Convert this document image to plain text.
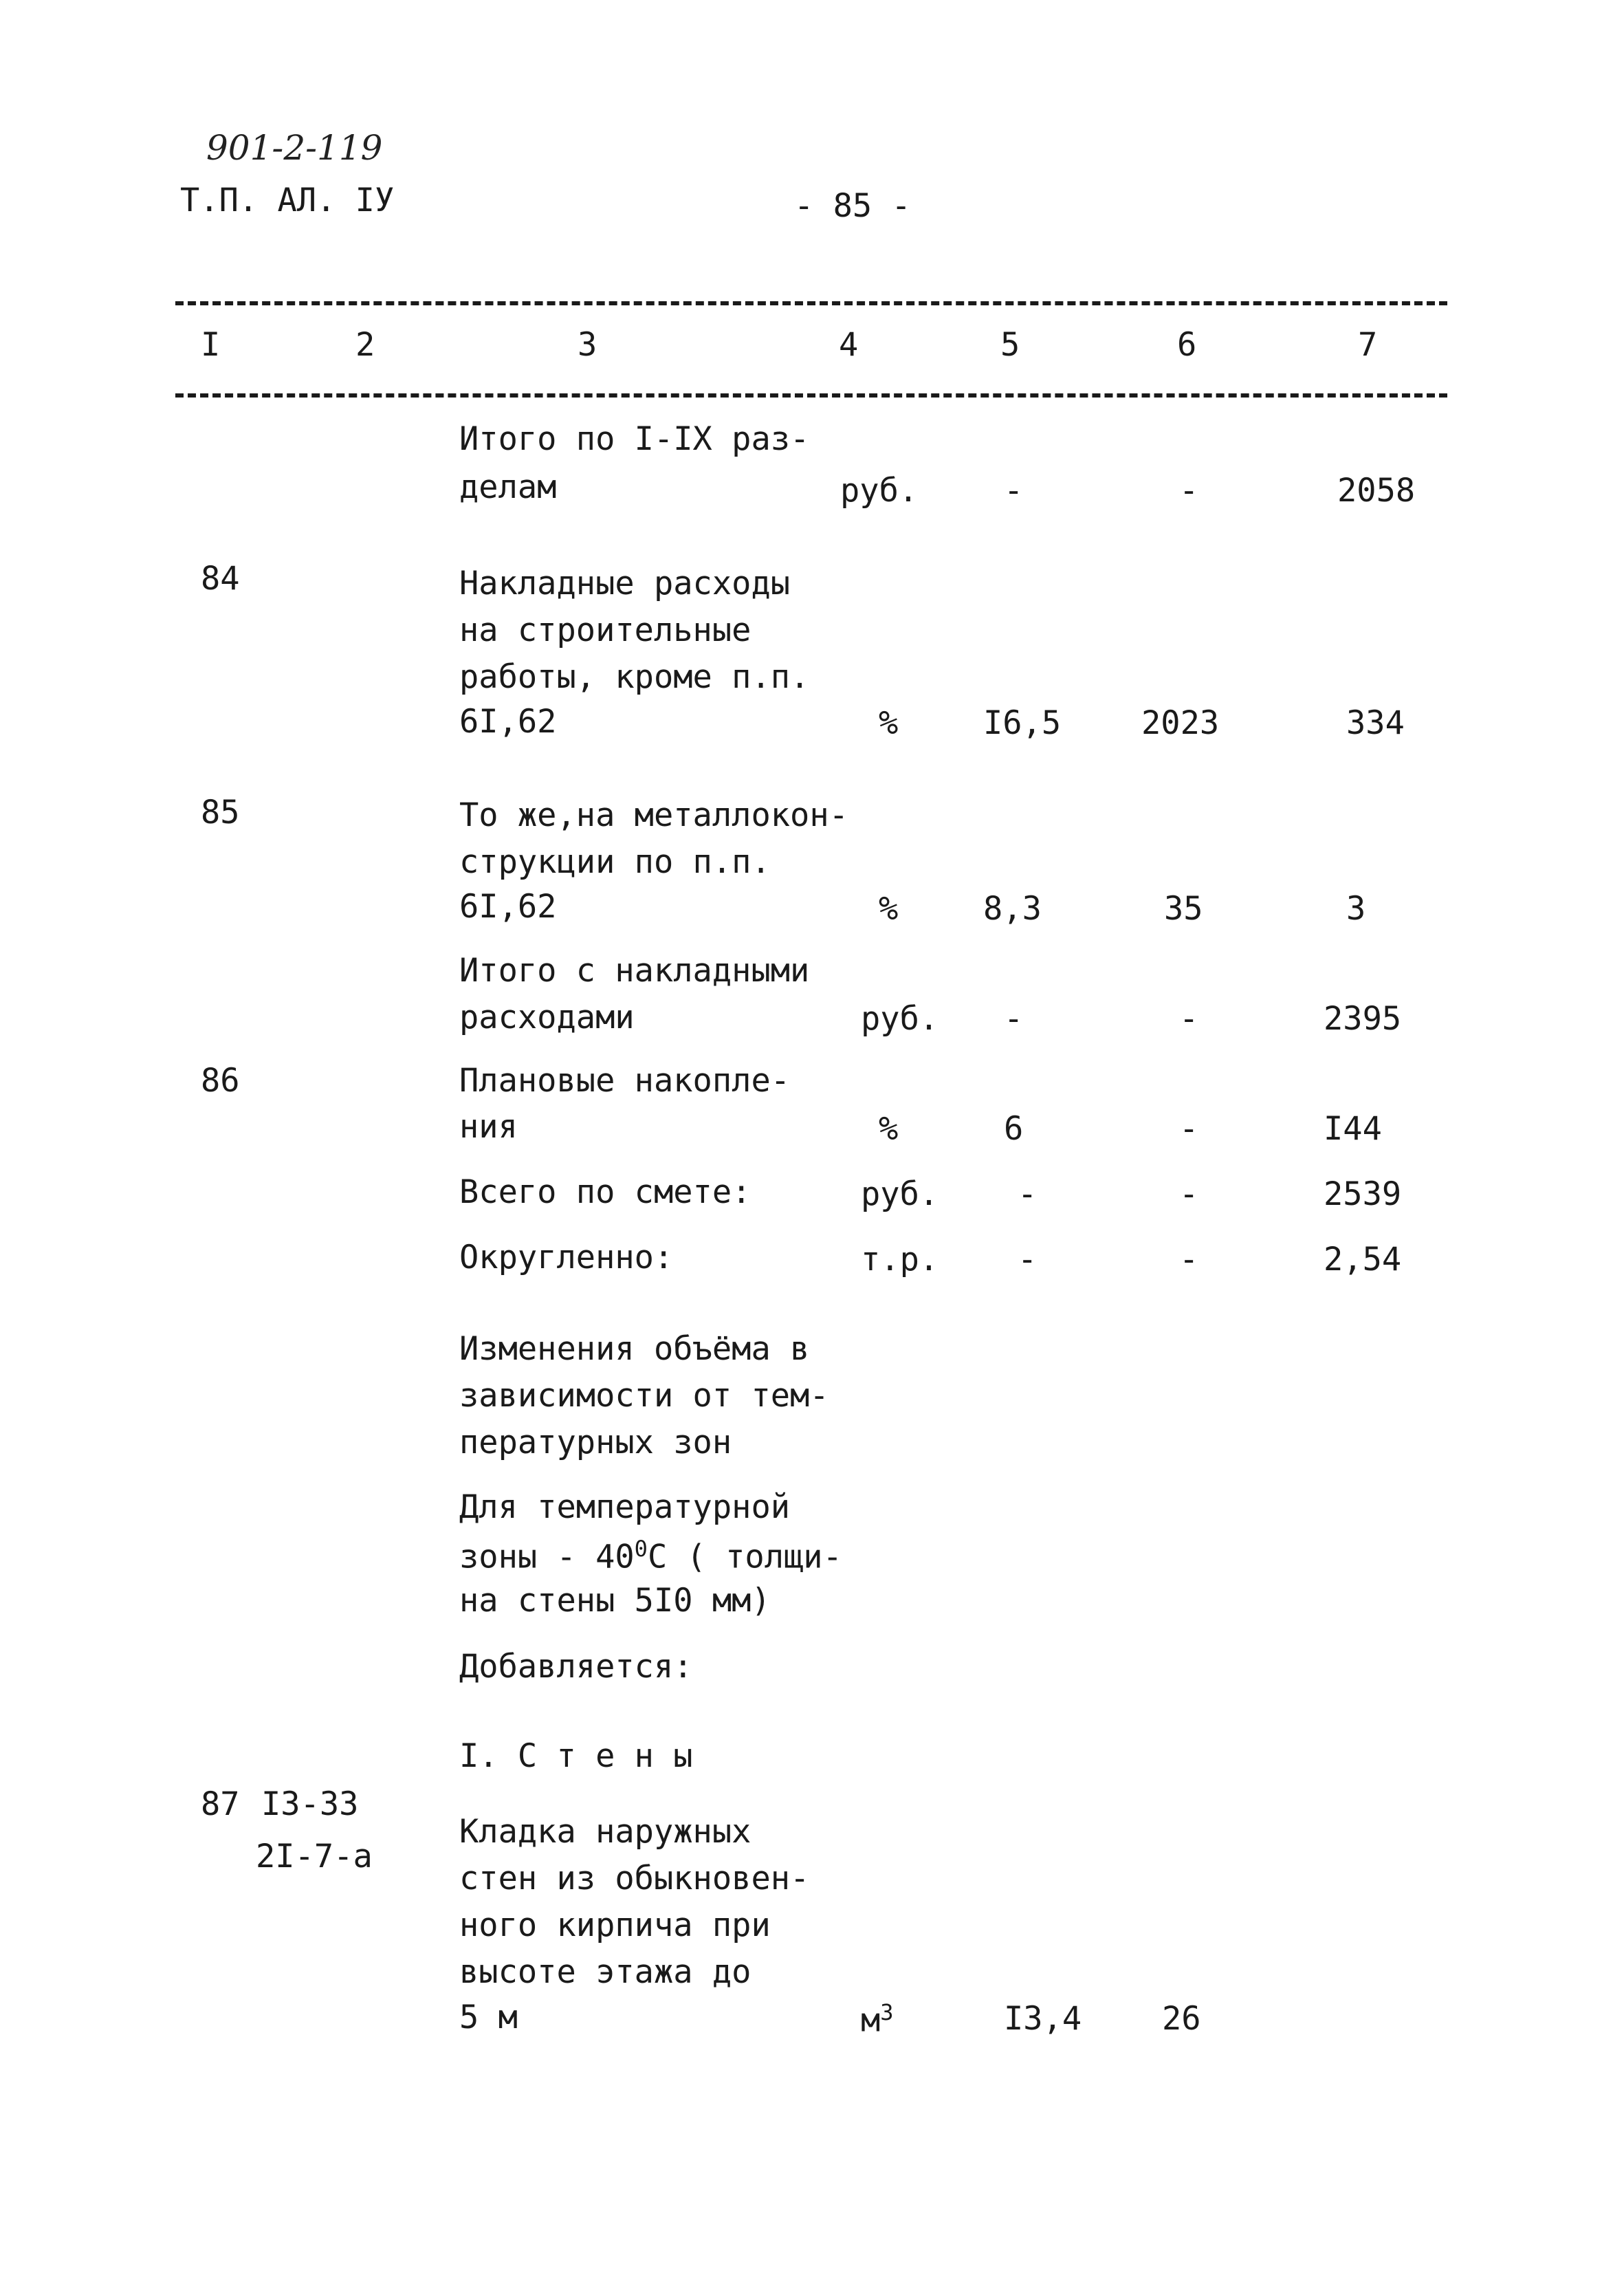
901-2-119
Т.П. АЛ. IУ	- 85 -
I	2	3	4	5	6	7
Итого по I-IX раз-
делам	руб.	-	-	2058
84	Накладные расходы
на строительные
работы, кроме п.п.
6I,62	%	I6,5 2023	334
85	То же,на металлокон-
струкции по п.п.
6I,62	%	8,3	35	3
Итого с накладными
расходами	руб. -	-	2395
86	Плановые накопле-
ния	%	6	-	I44
Всего по смете:	руб. -	-	2539
Округленно:	т.р. -	-	2,54
Изменения объёма в
зависимости от тем-
пературных зон
Для температурной
зоны - $40^0С$ ( толщи-
на стены 5I0 мм)
Добавляется:
I. С т е н ы
87 I3-33
2I-7-а
Кладка наружных
стен из обыкновен-
ного кирпича при
высоте этажа до
5 м	$м^3$	I3,4 26
